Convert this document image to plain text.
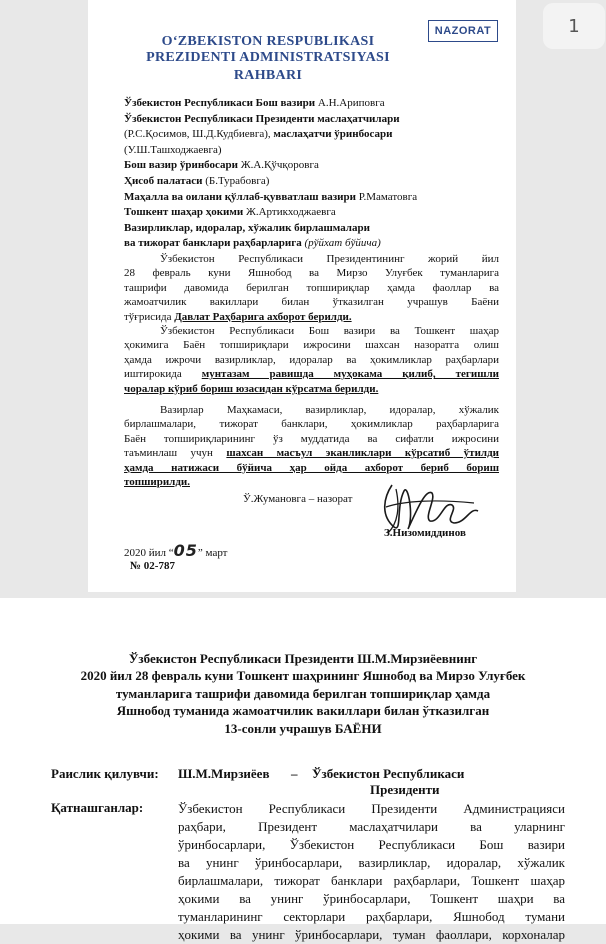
1
O‘ZBEKISTON RESPUBLIKASI
PREZIDENTI ADMINISTRATSIYASI
RAHBARI
NAZORAT
Ўзбекистон Республикаси Бош вазири А.Н.Ариповга
Ўзбекистон Республикаси Президенти маслаҳатчилари
(Р.С.Қосимов, Ш.Д.Кудбиевга), маслаҳатчи ўринбосари
(У.Ш.Ташходжаевга)
Бош вазир ўринбосари Ж.А.Қўчқоровга
Ҳисоб палатаси (Б.Турабовга)
Маҳалла ва оилани қўллаб-қувватлаш вазири Р.Маматовга
Тошкент шаҳар ҳокими Ж.Артикходжаевга
Вазирликлар, идоралар, хўжалик бирлашмалари
ва тижорат банклари раҳбарларига (рўйхат бўйича)
Ўзбекистон Республикаси Президентининг жорий йил
28 февраль куни Яшнобод ва Мирзо Улуғбек туманларига
ташрифи давомида берилган топшириқлар ҳамда фаоллар ва
жамоатчилик вакиллари билан ўтказилган учрашув Баёни
тўғрисида Давлат Раҳбарига ахборот берилди.
Ўзбекистон Республикаси Бош вазири ва Тошкент шаҳар
ҳокимига Баён топшириқлари ижросини шахсан назоратга олиш
ҳамда ижрочи вазирликлар, идоралар ва ҳокимликлар раҳбарлари
иштирокида мунтазам равишда муҳокама қилиб, тегишли
чоралар кўриб бориш юзасидан кўрсатма берилди.
Вазирлар Маҳкамаси, вазирликлар, идоралар, хўжалик
бирлашмалари, тижорат банклари, ҳокимликлар раҳбарларига
Баён топшириқларининг ўз муддатида ва сифатли ижросини
таъминлаш учун шахсан масъул эканликлари кўрсатиб ўтилди
ҳамда натижаси бўйича ҳар ойда ахборот бериб бориш
топширилди.
Ў.Жумановга – назорат
З.Низомиддинов
2020 йил “05” март
№ 02-787
Ўзбекистон Республикаси Президенти Ш.М.Мирзиёевнинг
2020 йил 28 февраль куни Тошкент шаҳрининг Яшнобод ва Мирзо Улуғбек
туманларига ташрифи давомида берилган топшириқлар ҳамда
Яшнобод туманида жамоатчилик вакиллари билан ўтказилган
13-сонли учрашув БАЁНИ
Раислик қилувчи: Ш.М.Мирзиёев – Ўзбекистон Республикаси
Президенти
Қатнашганлар:	Ўзбекистон Республикаси Президенти Администрацияси
раҳбари, Президент маслаҳатчилари ва уларнинг
ўринбосарлари, Ўзбекистон Республикаси Бош вазири
ва унинг ўринбосарлари, вазирликлар, идоралар, хўжалик
бирлашмалари, тижорат банклари раҳбарлари, Тошкент шаҳар
ҳокими ва унинг ўринбосарлари, Тошкент шаҳри ва
туманларининг секторлари раҳбарлари, Яшнобод тумани
ҳокими ва унинг ўринбосарлари, туман фаоллари, корхоналар
